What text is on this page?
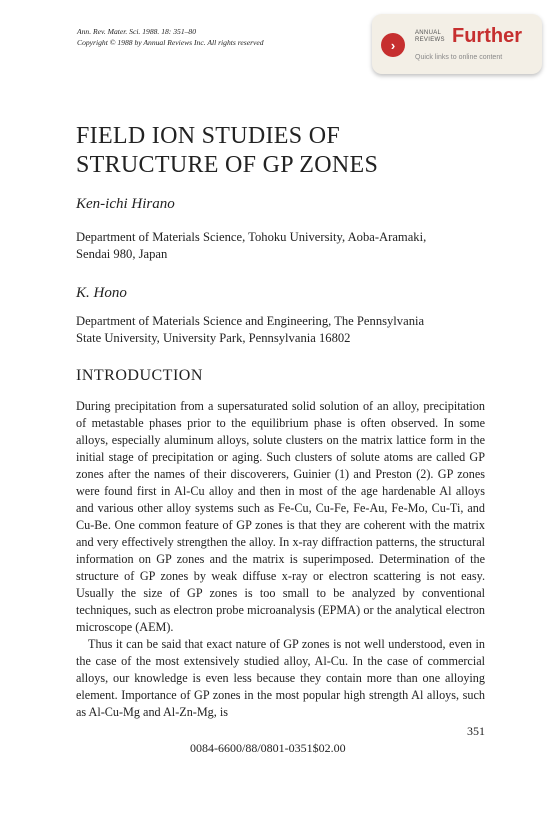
Ann. Rev. Mater. Sci. 1988. 18: 351–80
Copyright © 1988 by Annual Reviews Inc. All rights reserved	›
ANNUAL
REVIEWS Further
Quick links to online content
FIELD ION STUDIES OF
STRUCTURE OF GP ZONES
Ken-ichi Hirano
Department of Materials Science, Tohoku University, Aoba-Aramaki,
Sendai 980, Japan
K. Hono
Department of Materials Science and Engineering, The Pennsylvania
State University, University Park, Pennsylvania 16802
INTRODUCTION

During precipitation from a supersaturated solid solution of an alloy, precipitation of metastable phases prior to the equilibrium phase is often observed. In some alloys, especially aluminum alloys, solute clusters on the matrix lattice form in the initial stage of precipitation or aging. Such clusters of solute atoms are called GP zones after the names of their discoverers, Guinier (1) and Preston (2). GP zones were found first in Al-Cu alloy and then in most of the age hardenable Al alloys and various other alloy systems such as Fe-Cu, Cu-Fe, Fe-Au, Fe-Mo, Cu-Ti, and Cu-Be. One common feature of GP zones is that they are coherent with the matrix and very effectively strengthen the alloy. In x-ray diffraction patterns, the structural information on GP zones and the matrix is superimposed. Determination of the structure of GP zones by weak diffuse x-ray or electron scattering is not easy. Usually the size of GP zones is too small to be analyzed by conventional techniques, such as electron probe microanalysis (EPMA) or the analytical electron microscope (AEM).

Thus it can be said that exact nature of GP zones is not well understood, even in the case of the most extensively studied alloy, Al-Cu. In the case of commercial alloys, our knowledge is even less because they contain more than one alloying element. Importance of GP zones in the most popular high strength Al alloys, such as Al-Cu-Mg and Al-Zn-Mg, is

351
0084-6600/88/0801-0351$02.00
